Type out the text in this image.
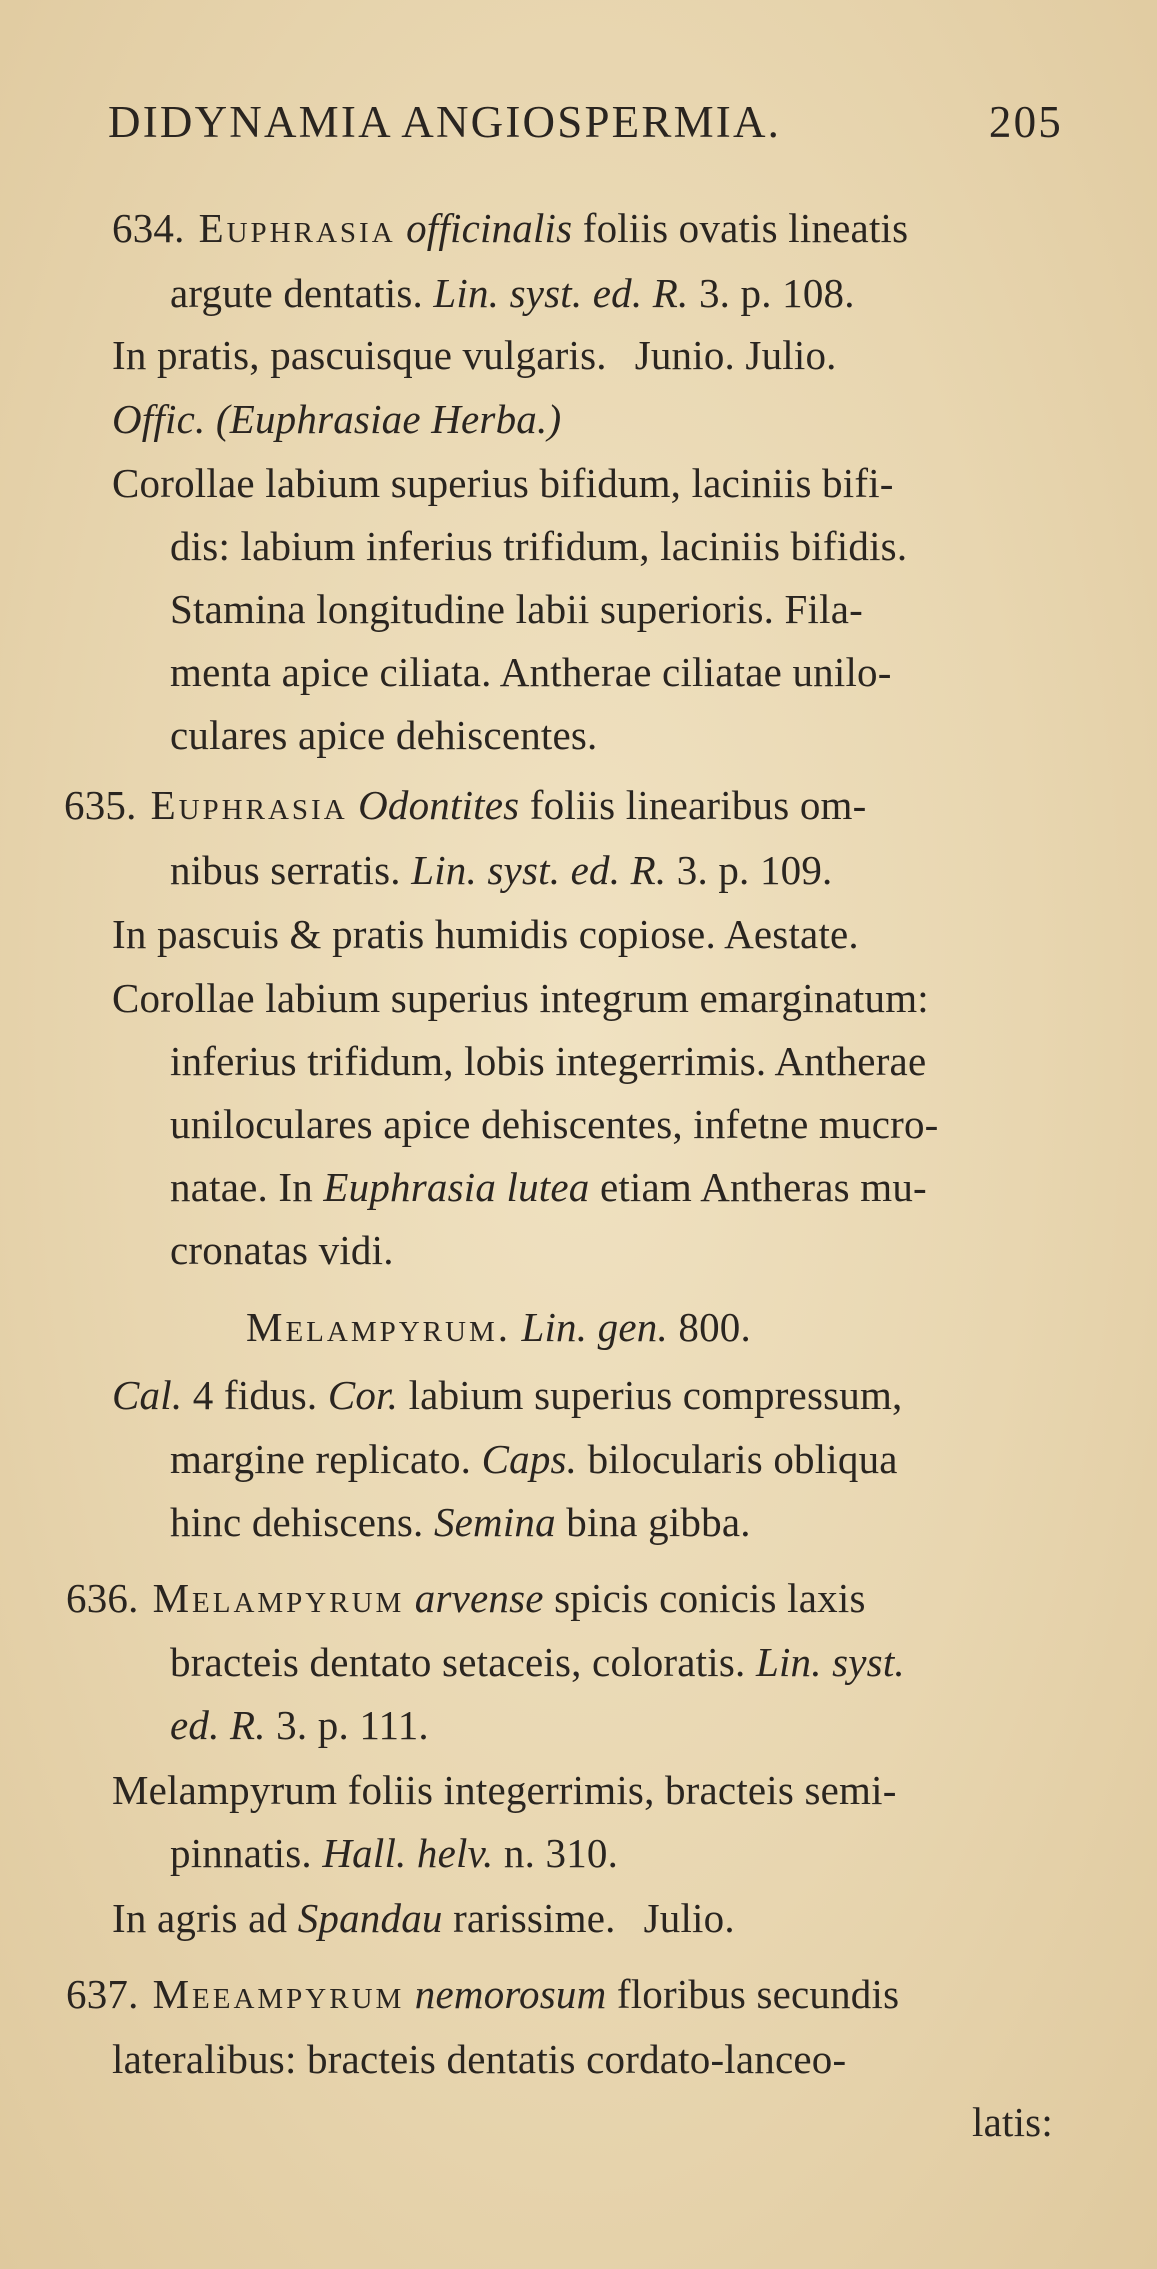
DIDYNAMIA ANGIOSPERMIA.	205
634. Euphrasia officinalis foliis ovatis lineatis
argute dentatis. Lin. syst. ed. R. 3. p. 108.
In pratis, pascuisque vulgaris. Junio. Julio.
Offic. (Euphrasiae Herba.)
Corollae labium superius bifidum, laciniis bifi-
dis: labium inferius trifidum, laciniis bifidis.
Stamina longitudine labii superioris. Fila-
menta apice ciliata. Antherae ciliatae unilo-
culares apice dehiscentes.
635. Euphrasia Odontites foliis linearibus om-
nibus serratis. Lin. syst. ed. R. 3. p. 109.
In pascuis & pratis humidis copiose. Aestate.
Corollae labium superius integrum emarginatum:
inferius trifidum, lobis integerrimis. Antherae
uniloculares apice dehiscentes, infetne mucro-
natae. In Euphrasia lutea etiam Antheras mu-
cronatas vidi.
Melampyrum. Lin. gen. 800.
Cal. 4 fidus. Cor. labium superius compressum,
margine replicato. Caps. bilocularis obliqua
hinc dehiscens. Semina bina gibba.
636. Melampyrum arvense spicis conicis laxis
bracteis dentato setaceis, coloratis. Lin. syst.
ed. R. 3. p. 111.
Melampyrum foliis integerrimis, bracteis semi-
pinnatis. Hall. helv. n. 310.
In agris ad Spandau rarissime. Julio.
637. Meeampyrum nemorosum floribus secundis
lateralibus: bracteis dentatis cordato-lanceo-
latis:
